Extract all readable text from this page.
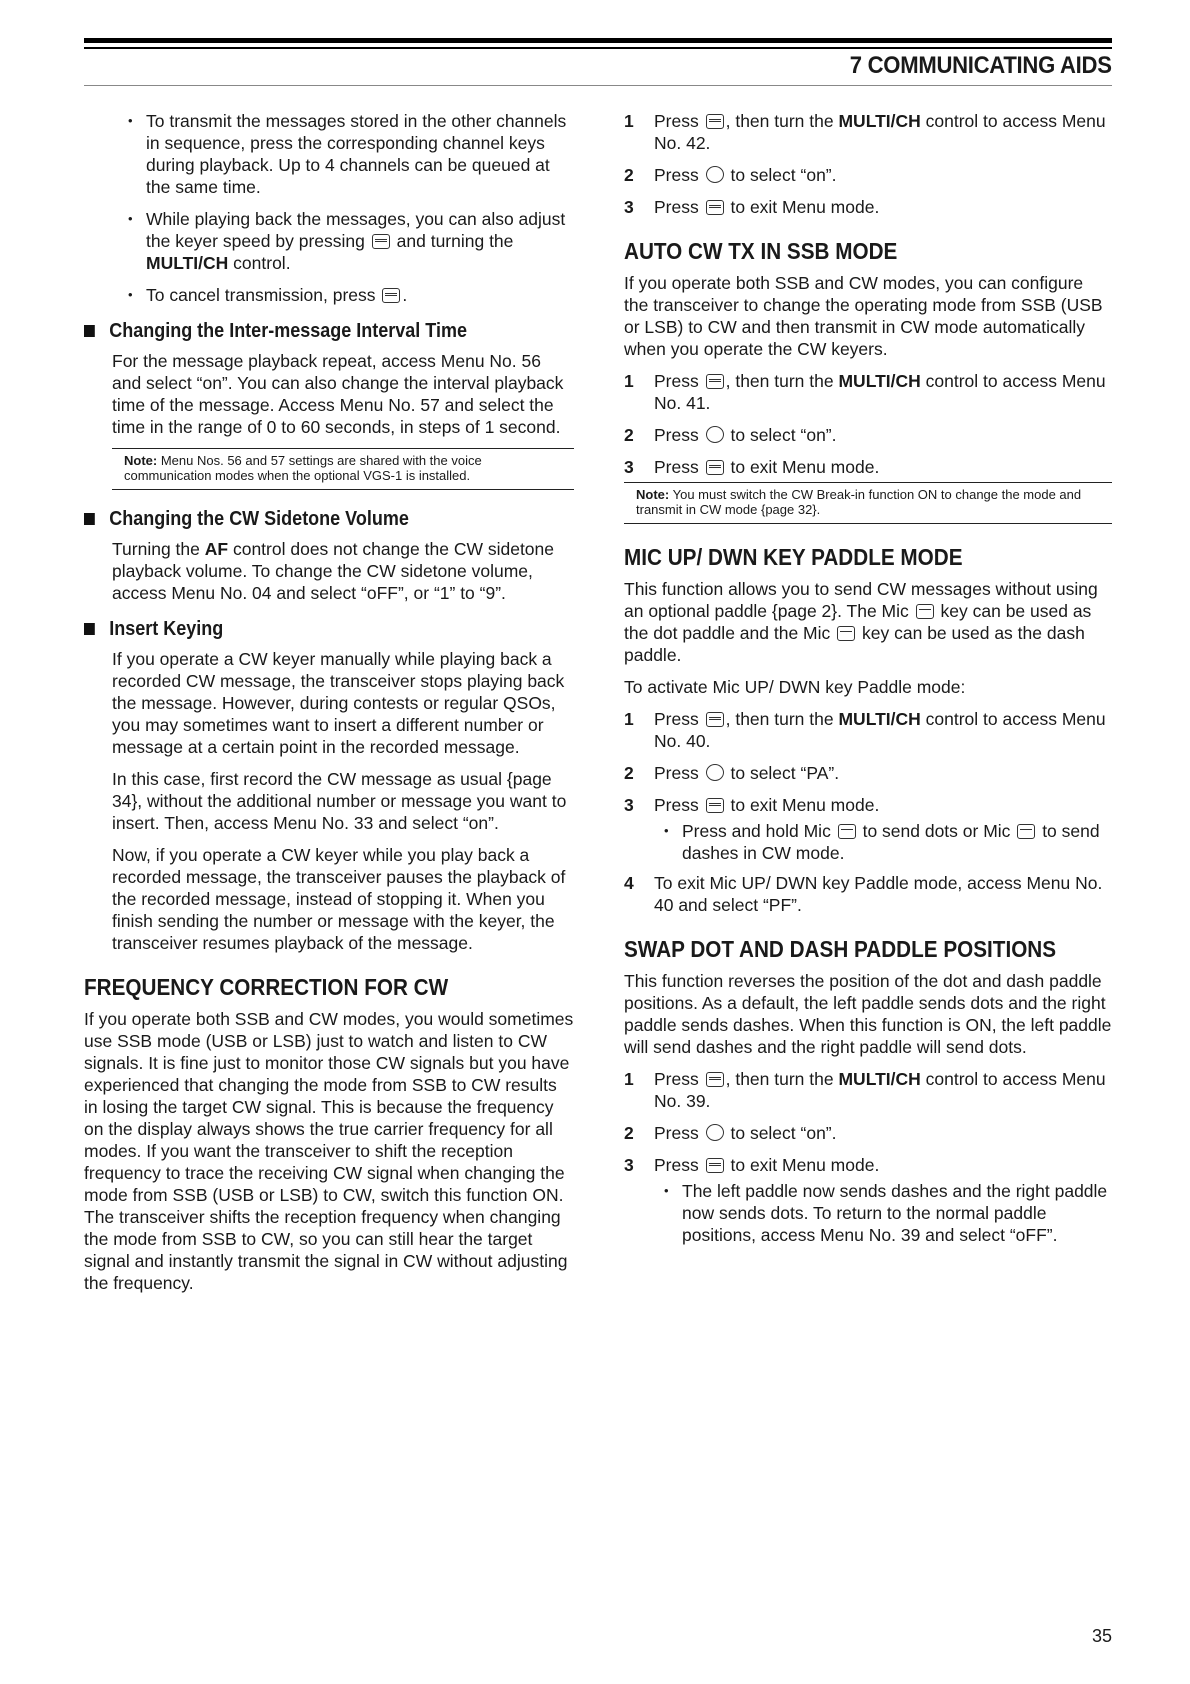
7 COMMUNICATING AIDS
• To transmit the messages stored in the other channels in sequence, press the corresponding channel keys during playback. Up to 4 channels can be queued at the same time.
• While playing back the messages, you can also adjust the keyer speed by pressing and turning the MULTI/CH control.
• To cancel transmission, press .
Changing the Inter-message Interval Time

For the message playback repeat, access Menu No. 56 and select “on”. You can also change the interval playback time of the message. Access Menu No. 57 and select the time in the range of 0 to 60 seconds, in steps of 1 second.

Note: Menu Nos. 56 and 57 settings are shared with the voice communication modes when the optional VGS-1 is installed.
Changing the CW Sidetone Volume

Turning the AF control does not change the CW sidetone playback volume. To change the CW sidetone volume, access Menu No. 04 and select “oFF”, or “1” to “9”.

Insert Keying

If you operate a CW keyer manually while playing back a recorded CW message, the transceiver stops playing back the message. However, during contests or regular QSOs, you may sometimes want to insert a different number or message at a certain point in the recorded message.

In this case, first record the CW message as usual {page 34}, without the additional number or message you want to insert. Then, access Menu No. 33 and select “on”.

Now, if you operate a CW keyer while you play back a recorded message, the transceiver pauses the playback of the recorded message, instead of stopping it. When you finish sending the number or message with the keyer, the transceiver resumes playback of the message.

FREQUENCY CORRECTION FOR CW

If you operate both SSB and CW modes, you would sometimes use SSB mode (USB or LSB) just to watch and listen to CW signals. It is fine just to monitor those CW signals but you have experienced that changing the mode from SSB to CW results in losing the target CW signal. This is because the frequency on the display always shows the true carrier frequency for all modes. If you want the transceiver to shift the reception frequency to trace the receiving CW signal when changing the mode from SSB (USB or LSB) to CW, switch this function ON. The transceiver shifts the reception frequency when changing the mode from SSB to CW, so you can still hear the target signal and instantly transmit the signal in CW without adjusting the frequency.

1 Press , then turn the MULTI/CH control to access Menu No. 42.
2 Press to select “on”.
3 Press to exit Menu mode.
AUTO CW TX IN SSB MODE

If you operate both SSB and CW modes, you can configure the transceiver to change the operating mode from SSB (USB or LSB) to CW and then transmit in CW mode automatically when you operate the CW keyers.

1 Press , then turn the MULTI/CH control to access Menu No. 41.
2 Press to select “on”.
3 Press to exit Menu mode.
Note: You must switch the CW Break-in function ON to change the mode and transmit in CW mode {page 32}.
MIC UP/ DWN KEY PADDLE MODE

This function allows you to send CW messages without using an optional paddle {page 2}. The Mic key can be used as the dot paddle and the Mic key can be used as the dash paddle.

To activate Mic UP/ DWN key Paddle mode:

1 Press , then turn the MULTI/CH control to access Menu No. 40.
2 Press to select “PA”.
3 Press to exit Menu mode.
• Press and hold Mic to send dots or Mic to send dashes in CW mode.
4 To exit Mic UP/ DWN key Paddle mode, access Menu No. 40 and select “PF”.
SWAP DOT AND DASH PADDLE POSITIONS

This function reverses the position of the dot and dash paddle positions. As a default, the left paddle sends dots and the right paddle sends dashes. When this function is ON, the left paddle will send dashes and the right paddle will send dots.

1 Press , then turn the MULTI/CH control to access Menu No. 39.
2 Press to select “on”.
3 Press to exit Menu mode.
• The left paddle now sends dashes and the right paddle now sends dots. To return to the normal paddle positions, access Menu No. 39 and select “oFF”.
35
